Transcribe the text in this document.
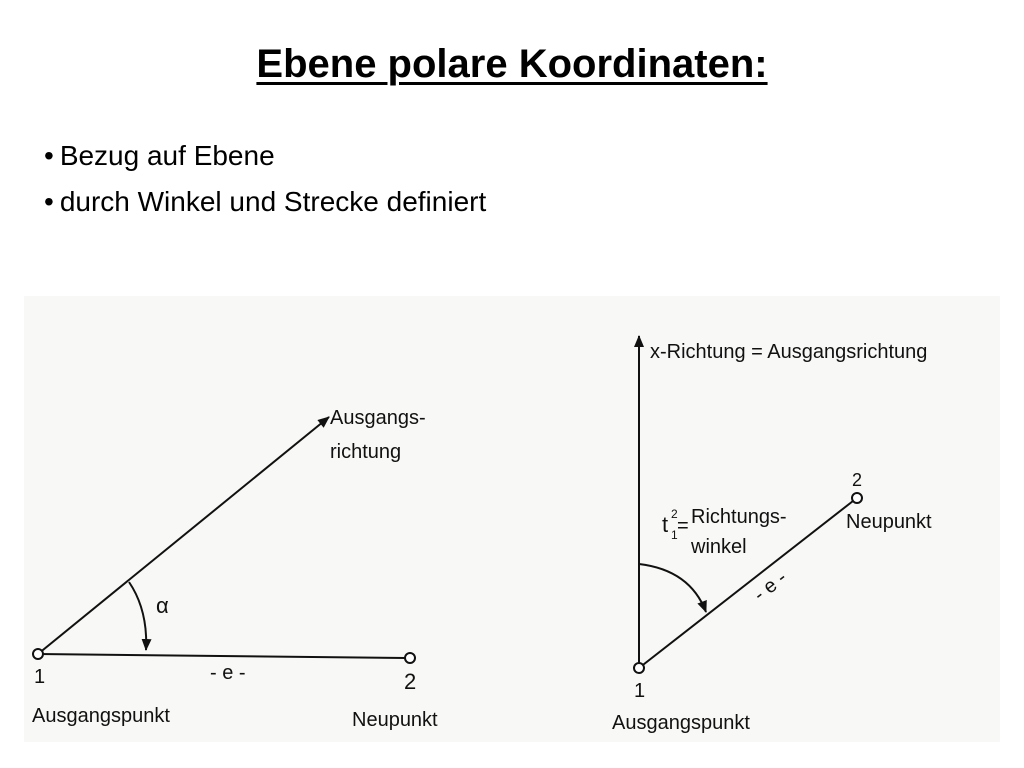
Ebene polare Koordinaten:
• Bezug auf Ebene
• durch Winkel und Strecke definiert
Ausgangs-
richtung
α
- e -
1
Ausgangspunkt
2
Neupunkt
x-Richtung = Ausgangsrichtung
t 2
1 = Richtungs-
winkel
- e -
2
Neupunkt
1
Ausgangspunkt
